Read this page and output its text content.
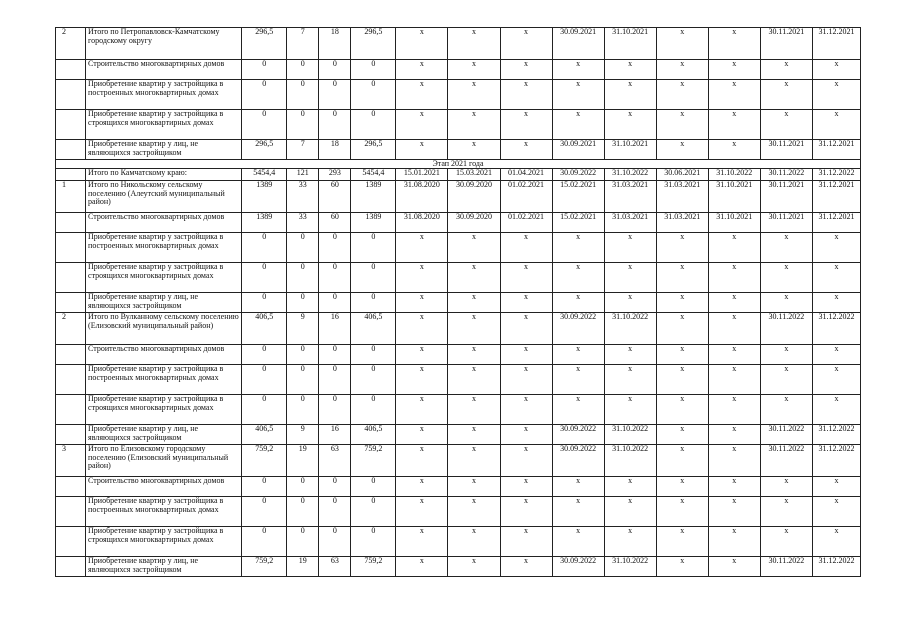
2	Итого по Петропавловск-Камчатскому городскому округу	296,5	7	18	296,5	х	х	х	30.09.2021	31.10.2021	х	х	30.11.2021	31.12.2021
	Строительство многоквартирных домов	0	0	0	0	х	х	х	х	х	х	х	х	х
	Приобретение квартир у застройщика в построенных многоквартирных домах	0	0	0	0	х	х	х	х	х	х	х	х	х
	Приобретение квартир у застройщика в строящихся многоквартирных домах	0	0	0	0	х	х	х	х	х	х	х	х	х
	Приобретение квартир у лиц, не являющихся застройщиком	296,5	7	18	296,5	х	х	х	30.09.2021	31.10.2021	х	х	30.11.2021	31.12.2021
Этап 2021 года														
	Итого по Камчатскому краю:	5454,4	121	293	5454,4	15.01.2021	15.03.2021	01.04.2021	30.09.2022	31.10.2022	30.06.2021	31.10.2022	30.11.2022	31.12.2022
1	Итого по Никольскому сельскому поселению (Алеутский муниципальный район)	1389	33	60	1389	31.08.2020	30.09.2020	01.02.2021	15.02.2021	31.03.2021	31.03.2021	31.10.2021	30.11.2021	31.12.2021
	Строительство многоквартирных домов	1389	33	60	1389	31.08.2020	30.09.2020	01.02.2021	15.02.2021	31.03.2021	31.03.2021	31.10.2021	30.11.2021	31.12.2021
	Приобретение квартир у застройщика в построенных многоквартирных домах	0	0	0	0	х	х	х	х	х	х	х	х	х
	Приобретение квартир у застройщика в строящихся многоквартирных домах	0	0	0	0	х	х	х	х	х	х	х	х	х
	Приобретение квартир у лиц, не являющихся застройщиком	0	0	0	0	х	х	х	х	х	х	х	х	х
2	Итого по Вулканному сельскому поселению (Елизовский муниципальный район)	406,5	9	16	406,5	х	х	х	30.09.2022	31.10.2022	х	х	30.11.2022	31.12.2022
	Строительство многоквартирных домов	0	0	0	0	х	х	х	х	х	х	х	х	х
	Приобретение квартир у застройщика в построенных многоквартирных домах	0	0	0	0	х	х	х	х	х	х	х	х	х
	Приобретение квартир у застройщика в строящихся многоквартирных домах	0	0	0	0	х	х	х	х	х	х	х	х	х
	Приобретение квартир у лиц, не являющихся застройщиком	406,5	9	16	406,5	х	х	х	30.09.2022	31.10.2022	х	х	30.11.2022	31.12.2022
3	Итого по Елизовскому городскому поселению (Елизовский муниципальный район)	759,2	19	63	759,2	х	х	х	30.09.2022	31.10.2022	х	х	30.11.2022	31.12.2022
	Строительство многоквартирных домов	0	0	0	0	х	х	х	х	х	х	х	х	х
	Приобретение квартир у застройщика в построенных многоквартирных домах	0	0	0	0	х	х	х	х	х	х	х	х	х
	Приобретение квартир у застройщика в строящихся многоквартирных домах	0	0	0	0	х	х	х	х	х	х	х	х	х
	Приобретение квартир у лиц, не являющихся застройщиком	759,2	19	63	759,2	х	х	х	30.09.2022	31.10.2022	х	х	30.11.2022	31.12.2022
